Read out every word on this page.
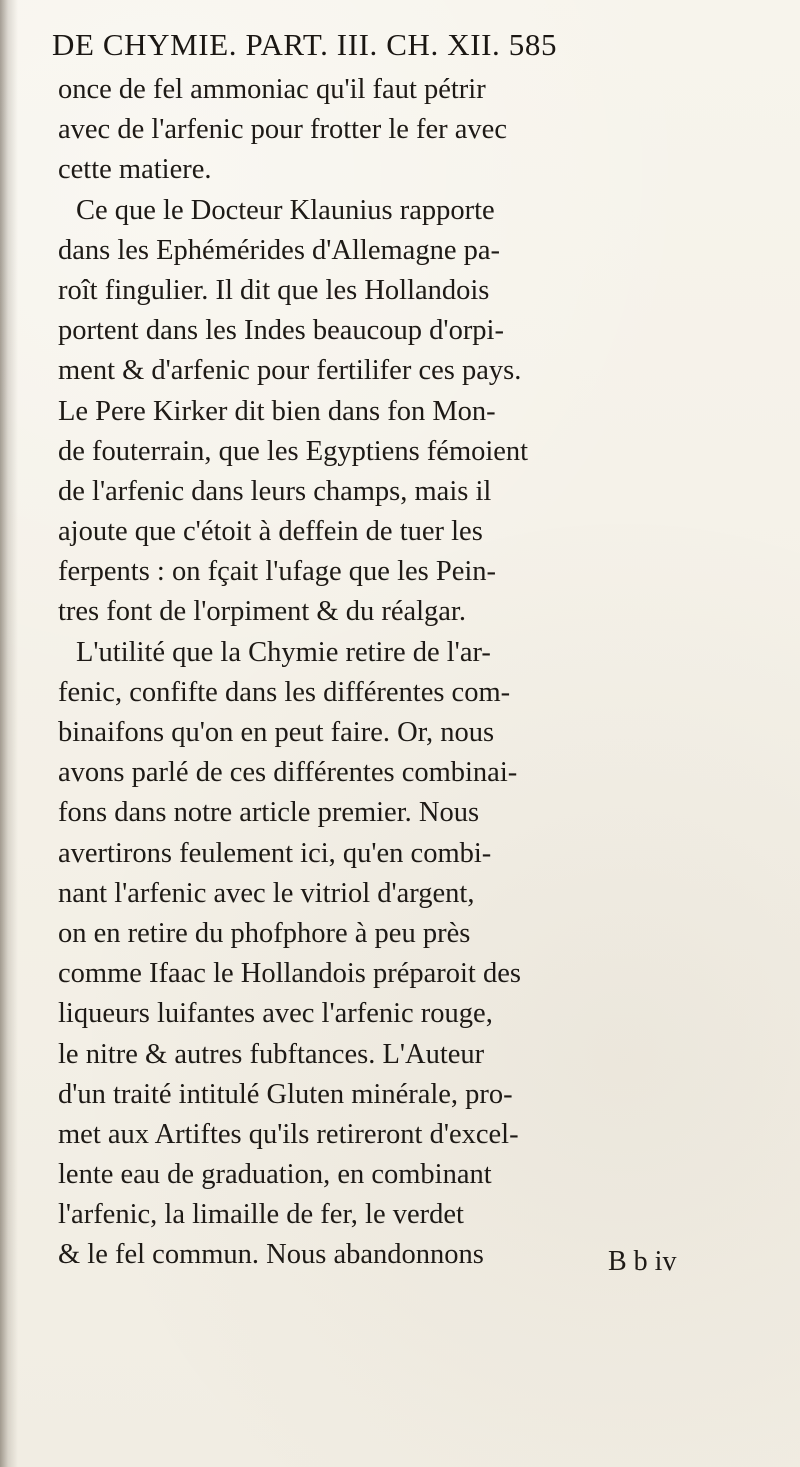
DE CHYMIE. PART. III. CH. XII. 585
once de fel ammoniac qu'il faut pétrir
avec de l'arfenic pour frotter le fer avec
cette matiere.
Ce que le Docteur Klaunius rapporte
dans les Ephémérides d'Allemagne pa-
roît fingulier. Il dit que les Hollandois
portent dans les Indes beaucoup d'orpi-
ment & d'arfenic pour fertilifer ces pays.
Le Pere Kirker dit bien dans fon Mon-
de fouterrain, que les Egyptiens fémoient
de l'arfenic dans leurs champs, mais il
ajoute que c'étoit à deffein de tuer les
ferpents : on fçait l'ufage que les Pein-
tres font de l'orpiment & du réalgar.
L'utilité que la Chymie retire de l'ar-
fenic, confifte dans les différentes com-
binaifons qu'on en peut faire. Or, nous
avons parlé de ces différentes combinai-
fons dans notre article premier. Nous
avertirons feulement ici, qu'en combi-
nant l'arfenic avec le vitriol d'argent,
on en retire du phofphore à peu près
comme Ifaac le Hollandois préparoit des
liqueurs luifantes avec l'arfenic rouge,
le nitre & autres fubftances. L'Auteur
d'un traité intitulé Gluten minérale, pro-
met aux Artiftes qu'ils retireront d'excel-
lente eau de graduation, en combinant
l'arfenic, la limaille de fer, le verdet
& le fel commun. Nous abandonnons	B b iv
